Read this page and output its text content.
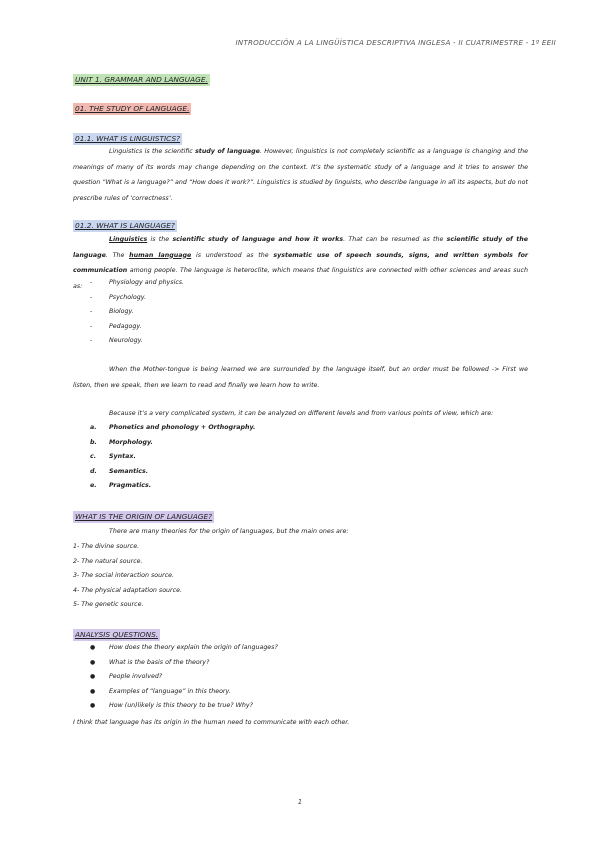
INTRODUCCIÓN A LA LINGÜÍSTICA DESCRIPTIVA INGLESA - II CUATRIMESTRE - 1º EEII
UNIT 1. GRAMMAR AND LANGUAGE.
01. THE STUDY OF LANGUAGE.
01.1. WHAT IS LINGUISTICS?

Linguistics is the scientific study of language. However, linguistics is not completely scientific as a language is changing and the meanings of many of its words may change depending on the context. It’s the systematic study of a language and it tries to answer the question “What is a language?” and “How does it work?”. Linguistics is studied by linguists, who describe language in all its aspects, but do not prescribe rules of ‘correctness’.

01.2. WHAT IS LANGUAGE?

Linguistics is the scientific study of language and how it works. That can be resumed as the scientific study of the language. The human language is understood as the systematic use of speech sounds, signs, and written symbols for communication among people. The language is heteroclite, which means that linguistics are connected with other sciences and areas such as:	-	Physiology and physics.
-	Psychology.
-	Biology.
-	Pedagogy.
-	Neurology.

When the Mother-tongue is being learned we are surrounded by the language itself, but an order must be followed -> First we listen, then we speak, then we learn to read and finally we learn how to write.

Because it’s a very complicated system, it can be analyzed on different levels and from various points of view, which are:

a.	Phonetics and phonology + Orthography.
b.	Morphology.
c.	Syntax.
d.	Semantics.
e.	Pragmatics.
WHAT IS THE ORIGIN OF LANGUAGE?

There are many theories for the origin of languages, but the main ones are:

1- The divine source.
2- The natural source.
3- The social interaction source.
4- The physical adaptation source.
5- The genetic source.
ANALYSIS QUESTIONS.
●	How does the theory explain the origin of languages?
●	What is the basis of the theory?
●	People involved?
●	Examples of “language” in this theory.
●	How (un)likely is this theory to be true? Why?

I think that language has its origin in the human need to communicate with each other.

1
